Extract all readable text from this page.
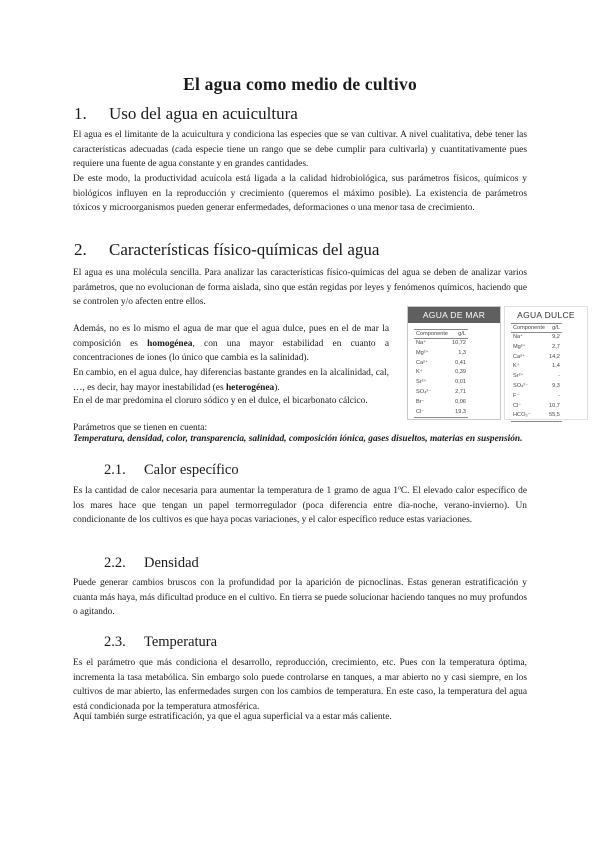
El agua como medio de cultivo
1. Uso del agua en acuicultura

El agua es el limitante de la acuicultura y condiciona las especies que se van cultivar. A nivel cualitativa, debe tener las características adecuadas (cada especie tiene un rango que se debe cumplir para cultivarla) y cuantitativamente pues requiere una fuente de agua constante y en grandes cantidades.

De este modo, la productividad acuícola está ligada a la calidad hidrobiológica, sus parámetros físicos, químicos y biológicos influyen en la reproducción y crecimiento (queremos el máximo posible). La existencia de parámetros tóxicos y microorganismos pueden generar enfermedades, deformaciones o una menor tasa de crecimiento.

2. Características físico-químicas del agua

El agua es una molécula sencilla. Para analizar las características físico-químicas del agua se deben de analizar varios parámetros, que no evolucionan de forma aislada, sino que están regidas por leyes y fenómenos químicos, haciendo que se controlen y/o afecten entre ellos.

Además, no es lo mismo el agua de mar que el agua dulce, pues en el de mar la composición es homogénea, con una mayor estabilidad en cuanto a concentraciones de iones (lo único que cambia es la salinidad).

En cambio, en el agua dulce, hay diferencias bastante grandes en la alcalinidad, cal, …, es decir, hay mayor inestabilidad (es heterogénea).

En el de mar predomina el cloruro sódico y en el dulce, el bicarbonato cálcico.

AGUA DE MAR
Componente	g/L
Na⁺	10,72
Mg²⁺	1,3
Ca²⁺	0,41
K⁺	0,39
Sr²⁺	0,01
SO₄²⁻	2,71
Br⁻	0,06
Cl⁻	19,3
AGUA DULCE
Componente	g/L
Na⁺	9,2
Mg²⁺	2,7
Ca²⁺	14,2
K⁺	1,4
Sr²⁺	-
SO₄²⁻	9,3
F⁻	-
Cl⁻	10,7
HCO₃⁻	55,5

Parámetros que se tienen en cuenta:

Temperatura, densidad, color, transparencia, salinidad, composición iónica, gases disueltos, materias en suspensión.

2.1. Calor específico

Es la cantidad de calor necesaria para aumentar la temperatura de 1 gramo de agua 1ºC. El elevado calor específico de los mares hace que tengan un papel termorregulador (poca diferencia entre día-noche, verano-invierno). Un condicionante de los cultivos es que haya pocas variaciones, y el calor específico reduce estas variaciones.

2.2. Densidad

Puede generar cambios bruscos con la profundidad por la aparición de picnoclinas. Estas generan estratificación y cuanta más haya, más dificultad produce en el cultivo. En tierra se puede solucionar haciendo tanques no muy profundos o agitando.

2.3. Temperatura

Es el parámetro que más condiciona el desarrollo, reproducción, crecimiento, etc. Pues con la temperatura óptima, incrementa la tasa metabólica. Sin embargo solo puede controlarse en tanques, a mar abierto no y casi siempre, en los cultivos de mar abierto, las enfermedades surgen con los cambios de temperatura. En este caso, la temperatura del agua está condicionada por la temperatura atmosférica.

Aquí también surge estratificación, ya que el agua superficial va a estar más caliente.
